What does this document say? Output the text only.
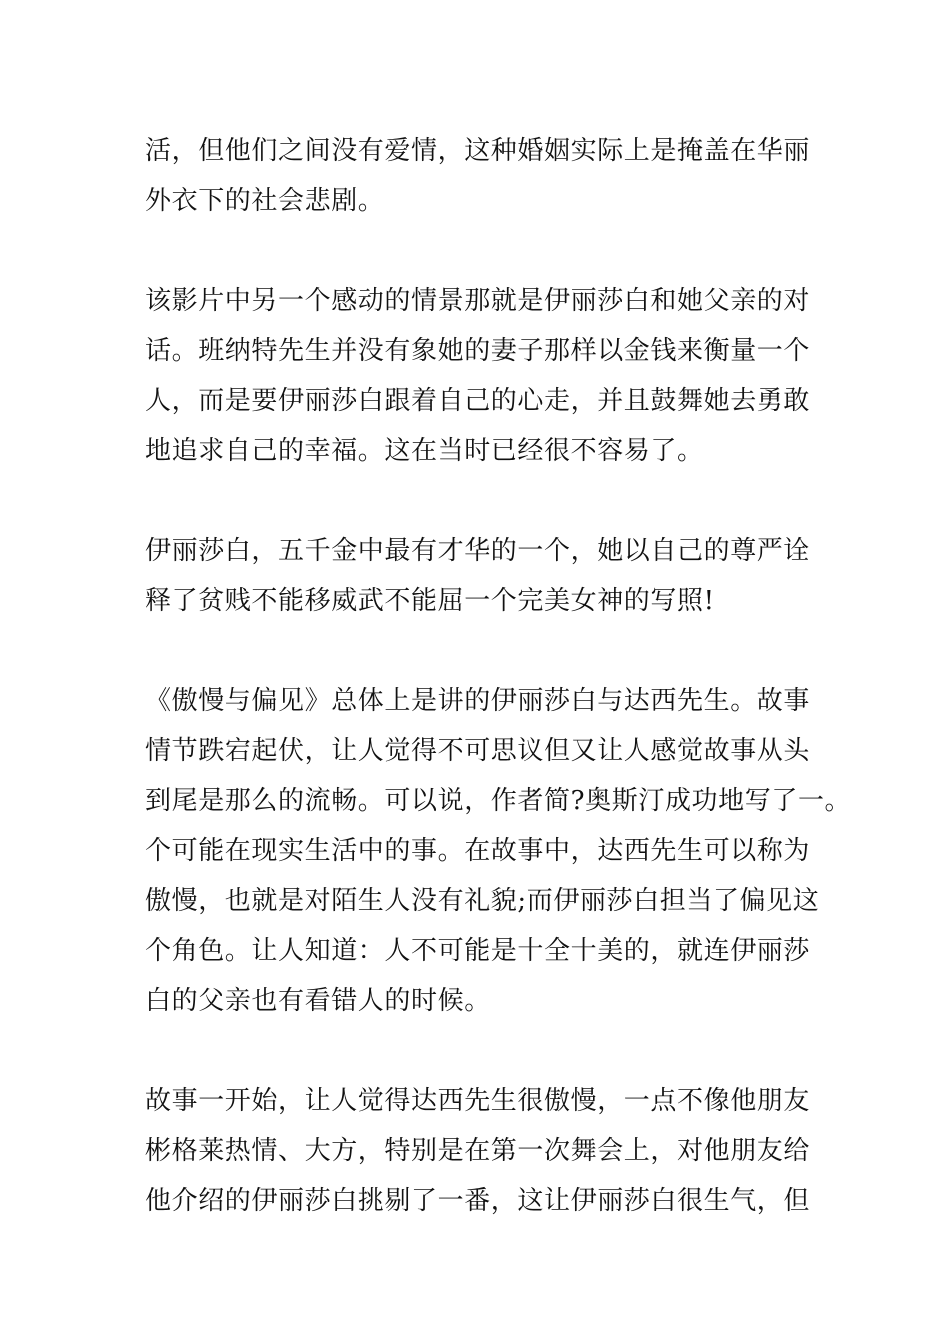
活，但他们之间没有爱情，这种婚姻实际上是掩盖在华丽
外衣下的社会悲剧。
该影片中另一个感动的情景那就是伊丽莎白和她父亲的对
话。班纳特先生并没有象她的妻子那样以金钱来衡量一个
人，而是要伊丽莎白跟着自己的心走，并且鼓舞她去勇敢
地追求自己的幸福。这在当时已经很不容易了。
伊丽莎白，五千金中最有才华的一个，她以自己的尊严诠
释了贫贱不能移威武不能屈一个完美女神的写照!
《傲慢与偏见》总体上是讲的伊丽莎白与达西先生。故事
情节跌宕起伏，让人觉得不可思议但又让人感觉故事从头
到尾是那么的流畅。可以说，作者简?奥斯汀成功地写了一。
个可能在现实生活中的事。在故事中，达西先生可以称为
傲慢，也就是对陌生人没有礼貌;而伊丽莎白担当了偏见这
个角色。让人知道：人不可能是十全十美的，就连伊丽莎
白的父亲也有看错人的时候。
故事一开始，让人觉得达西先生很傲慢，一点不像他朋友
彬格莱热情、大方，特别是在第一次舞会上，对他朋友给
他介绍的伊丽莎白挑剔了一番，这让伊丽莎白很生气，但
